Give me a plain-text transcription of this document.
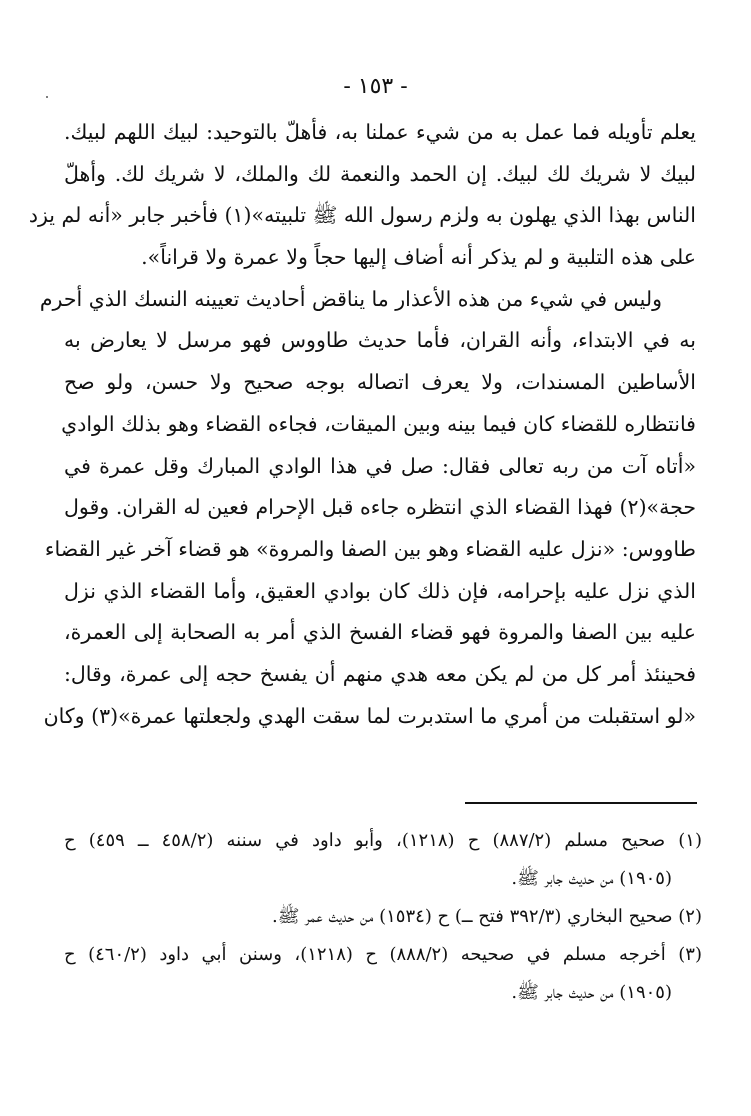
- ١٥٣ -
يعلم تأويله فما عمل به من شيء عملنا به، فأهلّ بالتوحيد: لبيك اللهم لبيك.
لبيك لا شريك لك لبيك. إن الحمد والنعمة لك والملك، لا شريك لك. وأهلّ
الناس بهذا الذي يهلون به ولزم رسول الله ﷺ تلبيته»(١) فأخبر جابر «أنه لم يزد
على هذه التلبية و لم يذكر أنه أضاف إليها حجاً ولا عمرة ولا قراناً».
وليس في شيء من هذه الأعذار ما يناقض أحاديث تعيينه النسك الذي أحرم
به في الابتداء، وأنه القران، فأما حديث طاووس فهو مرسل لا يعارض به
الأساطين المسندات، ولا يعرف اتصاله بوجه صحيح ولا حسن، ولو صح
فانتظاره للقضاء كان فيما بينه وبين الميقات، فجاءه القضاء وهو بذلك الوادي
«أتاه آت من ربه تعالى فقال: صل في هذا الوادي المبارك وقل عمرة في
حجة»(٢) فهذا القضاء الذي انتظره جاءه قبل الإحرام فعين له القران. وقول
طاووس: «نزل عليه القضاء وهو بين الصفا والمروة» هو قضاء آخر غير القضاء
الذي نزل عليه بإحرامه، فإن ذلك كان بوادي العقيق، وأما القضاء الذي نزل
عليه بين الصفا والمروة فهو قضاء الفسخ الذي أمر به الصحابة إلى العمرة،
فحينئذ أمر كل من لم يكن معه هدي منهم أن يفسخ حجه إلى عمرة، وقال:
«لو استقبلت من أمري ما استدبرت لما سقت الهدي ولجعلتها عمرة»(٣) وكان
(١) صحيح مسلم (٨٨٧/٢) ح (١٢١٨)، وأبو داود في سننه (٤٥٨/٢ ــ ٤٥٩) ح
(١٩٠٥) من حديث جابر ﷺ.
(٢) صحيح البخاري (٣٩٢/٣ فتح ــ) ح (١٥٣٤) من حديث عمر ﷺ.
(٣) أخرجه مسلم في صحيحه (٨٨٨/٢) ح (١٢١٨)، وسنن أبي داود (٤٦٠/٢) ح
(١٩٠٥) من حديث جابر ﷺ.
